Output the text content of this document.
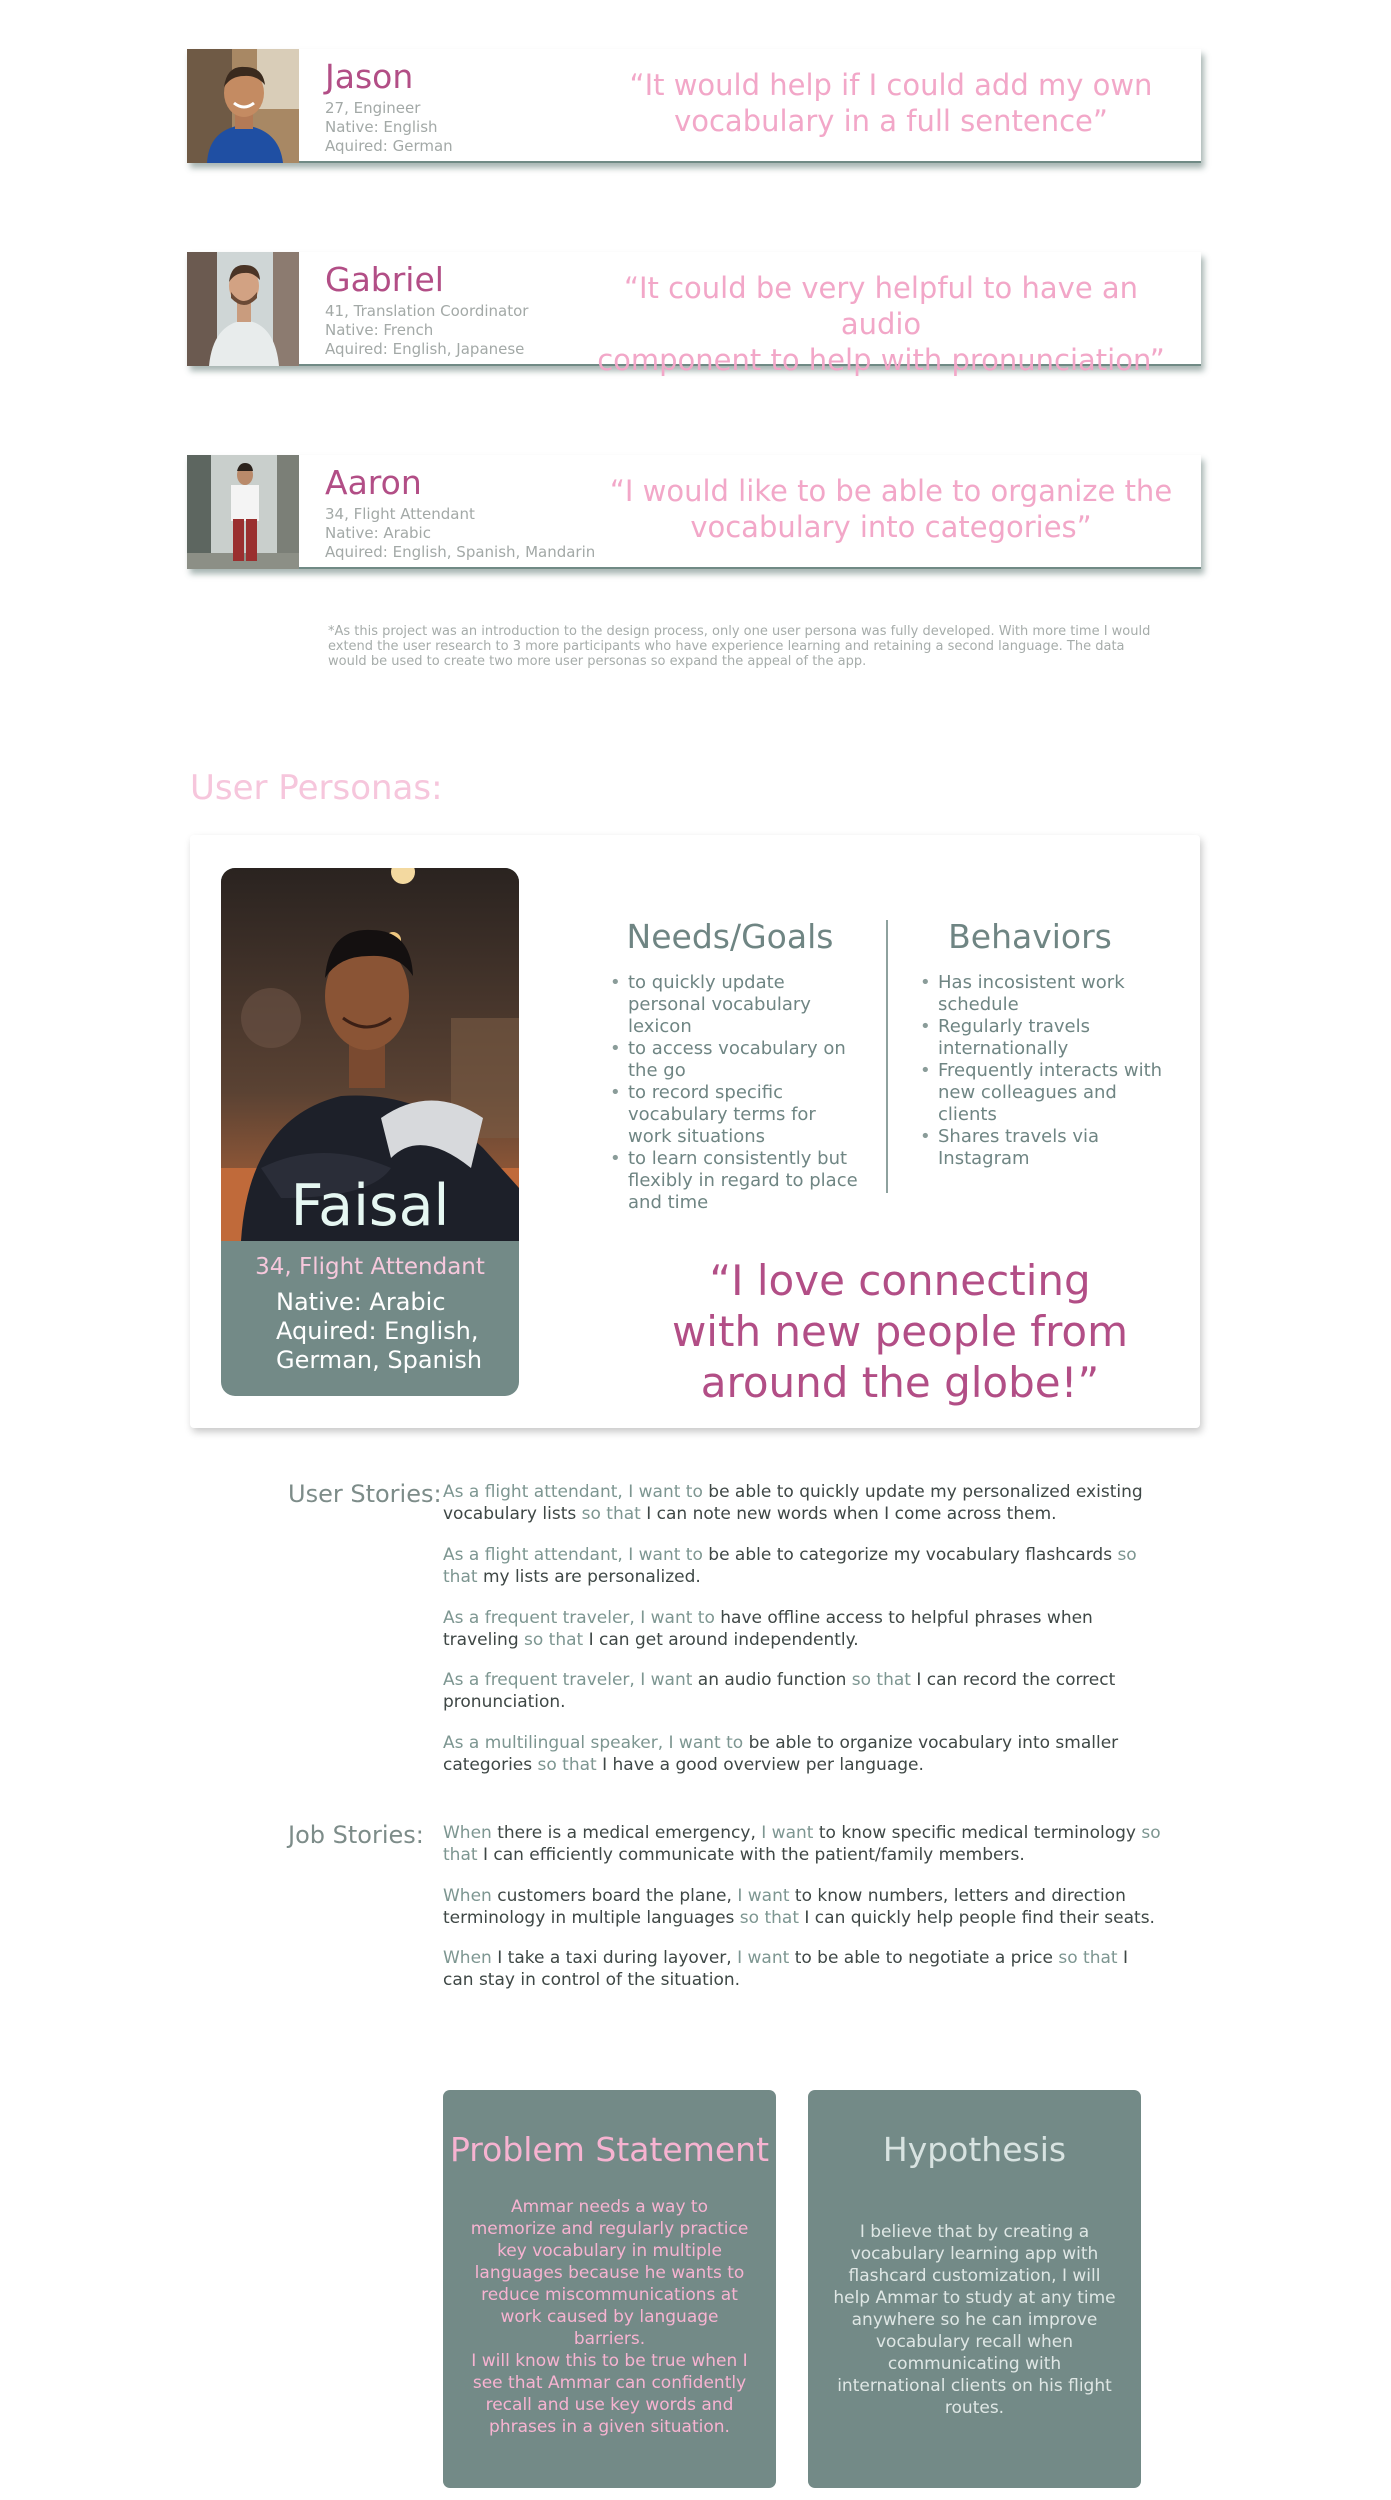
Jason
27, Engineer
Native: English
Aquired: German
“It would help if I could add my own
vocabulary in a full sentence”
Gabriel
41, Translation Coordinator
Native: French
Aquired: English, Japanese
“It could be very helpful to have an audio
component to help with pronunciation”
Aaron
34, Flight Attendant
Native: Arabic
Aquired: English, Spanish, Mandarin
“I would like to be able to organize the
vocabulary into categories”
*As this project was an introduction to the design process, only one user persona was fully developed. With more time I would extend the user research to 3 more participants who have experience learning and retaining a second language. The data would be used to create two more user personas so expand the appeal of the app.
User Personas:
Faisal
34, Flight Attendant
Native: Arabic
Aquired: English,
German, Spanish
Needs/Goals
• to quickly update personal vocabulary lexicon
• to access vocabulary on the go
• to record specific vocabulary terms for work situations
• to learn consistently but flexibly in regard to place and time
Behaviors
• Has incosistent work schedule
• Regularly travels internationally
• Frequently interacts with new colleagues and clients
• Shares travels via Instagram
“I love connecting
with new people from
around the globe!”
User Stories: As a flight attendant, I want to be able to quickly update my personalized existing vocabulary lists so that I can note new words when I come across them.
As a flight attendant, I want to be able to categorize my vocabulary flashcards so that my lists are personalized.
As a frequent traveler, I want to have offline access to helpful phrases when traveling so that I can get around independently.
As a frequent traveler, I want an audio function so that I can record the correct pronunciation.
As a multilingual speaker, I want to be able to organize vocabulary into smaller categories so that I have a good overview per language.
Job Stories: When there is a medical emergency, I want to know specific medical terminology so that I can efficiently communicate with the patient/family members.
When customers board the plane, I want to know numbers, letters and direction terminology in multiple languages so that I can quickly help people find their seats.
When I take a taxi during layover, I want to be able to negotiate a price so that I can stay in control of the situation.
Problem Statement
Ammar needs a way to memorize and regularly practice key vocabulary in multiple languages because he wants to reduce miscommunications at work caused by language barriers.
I will know this to be true when I see that Ammar can confidently recall and use key words and phrases in a given situation.
Hypothesis
I believe that by creating a vocabulary learning app with flashcard customization, I will help Ammar to study at any time anywhere so he can improve vocabulary recall when communicating with international clients on his flight routes.
